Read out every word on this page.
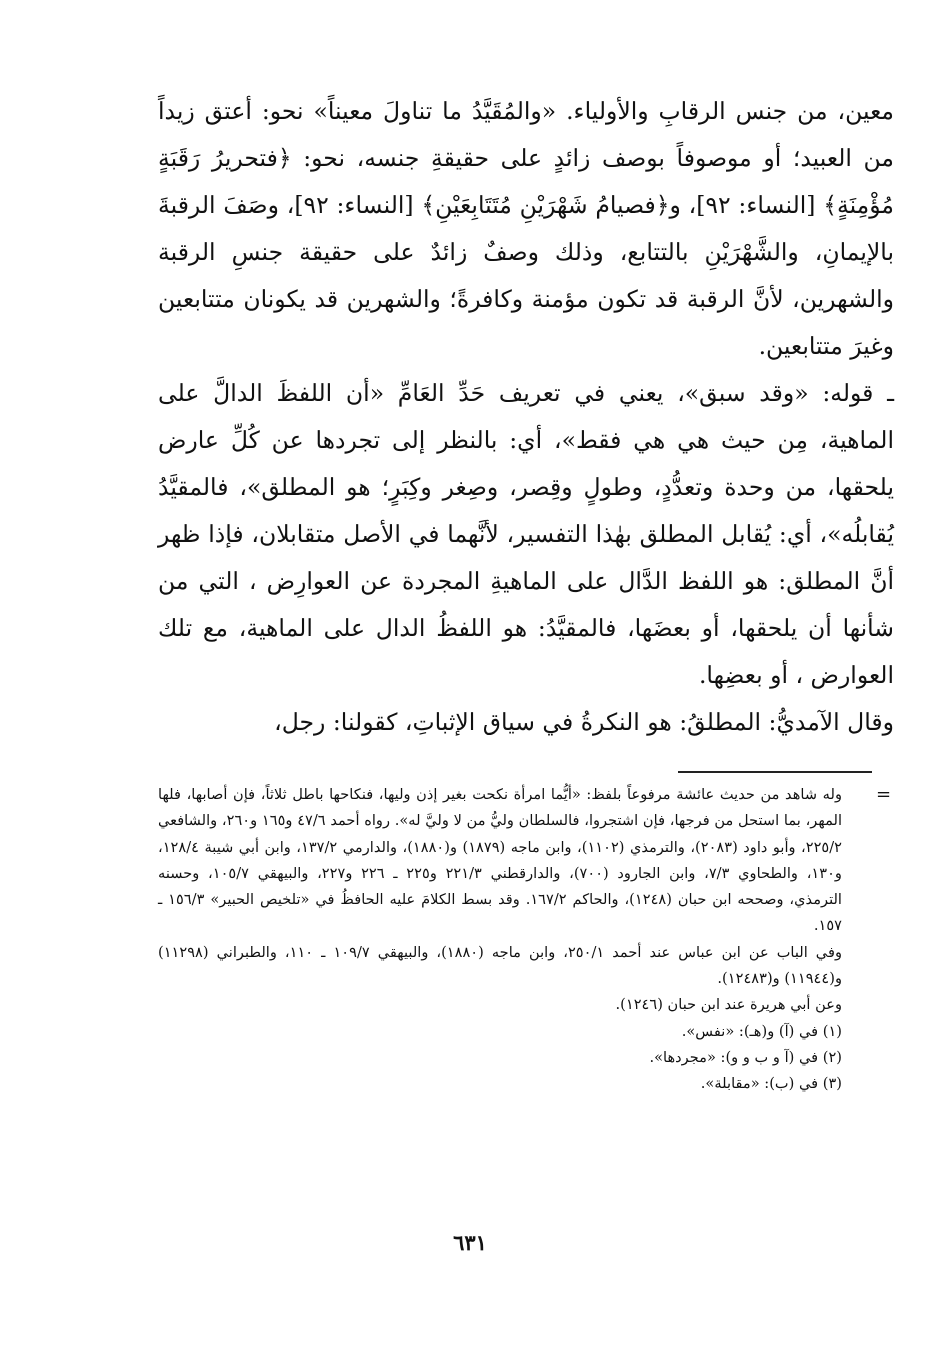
معين، من جنس الرقابِ والأولياء. «والمُقَيَّدُ ما تناولَ معيناً» نحو: أعتق زيداً من العبيد؛ أو موصوفاً بوصف زائدٍ على حقيقةِ جنسه، نحو: ﴿فتحريرُ رَقَبَةٍ مُؤْمِنَةٍ﴾ [النساء: ٩٢]، و﴿فصيامُ شَهْرَيْنِ مُتَتَابِعَيْنِ﴾ [النساء: ٩٢]، وصَفَ الرقبةَ بالإيمانِ، والشَّهْرَيْنِ بالتتابع، وذلك وصفٌ زائدٌ على حقيقة جنسِ الرقبة والشهرين، لأنَّ الرقبة قد تكون مؤمنة وكافرةً؛ والشهرين قد يكونان متتابعين وغيرَ متتابعين.

ـ قوله: «وقد سبق»، يعني في تعريف حَدِّ العَامِّ «أن اللفظَ الدالَّ على الماهية، مِن حيث هي هي فقط»، أي: بالنظر إلى تجردها عن كُلِّ عارض يلحقها، من وحدة وتعدُّدٍ، وطولٍ وقِصر، وصِغر وكِبَرٍ؛ هو المطلق»، فالمقيَّدُ يُقابلُه»، أي: يُقابل المطلق بهٰذا التفسير، لأنَّهما في الأصل متقابلان، فإذا ظهر أنَّ المطلق: هو اللفظ الدَّال على الماهيةِ المجردة عن العوارِض ، التي من شأنها أن يلحقها، أو بعضَها، فالمقيَّدُ: هو اللفظُ الدال على الماهية، مع تلك العوارض ، أو بعضِها.

وقال الآمديُّ: المطلقُ: هو النكرةُ في سياق الإثباتِ، كقولنا: رجل،

=

وله شاهد من حديث عائشة مرفوعاً بلفظ: «أيُّما امرأة نكحت بغير إذن وليها، فنكاحها باطل ثلاثاً، فإن أصابها، فلها المهر، بما استحل من فرجها، فإن اشتجروا، فالسلطان وليُّ من لا وليَّ له». رواه أحمد ٤٧/٦ و١٦٥ و٢٦٠، والشافعي ٢٢٥/٢، وأبو داود (٢٠٨٣)، والترمذي (١١٠٢)، وابن ماجه (١٨٧٩) و(١٨٨٠)، والدارمي ١٣٧/٢، وابن أبي شيبة ١٢٨/٤، و١٣٠، والطحاوي ٧/٣، وابن الجارود (٧٠٠)، والدارقطني ٢٢١/٣ و٢٢٥ ـ ٢٢٦ و٢٢٧، والبيهقي ١٠٥/٧، وحسنه الترمذي، وصححه ابن حبان (١٢٤٨)، والحاكم ١٦٧/٢. وقد بسط الكلامَ عليه الحافظُ في «تلخيص الحبير» ١٥٦/٣ ـ ١٥٧.

وفي الباب عن ابن عباس عند أحمد ٢٥٠/١، وابن ماجه (١٨٨٠)، والبيهقي ١٠٩/٧ ـ ١١٠، والطبراني (١١٢٩٨) و(١١٩٤٤) و(١٢٤٨٣).

وعن أبي هريرة عند ابن حبان (١٢٤٦).

(١) في (آ) و(هـ): «نفس».

(٢) في (آ و ب و و): «مجردها».

(٣) في (ب): «مقابلة».

٦٣١
